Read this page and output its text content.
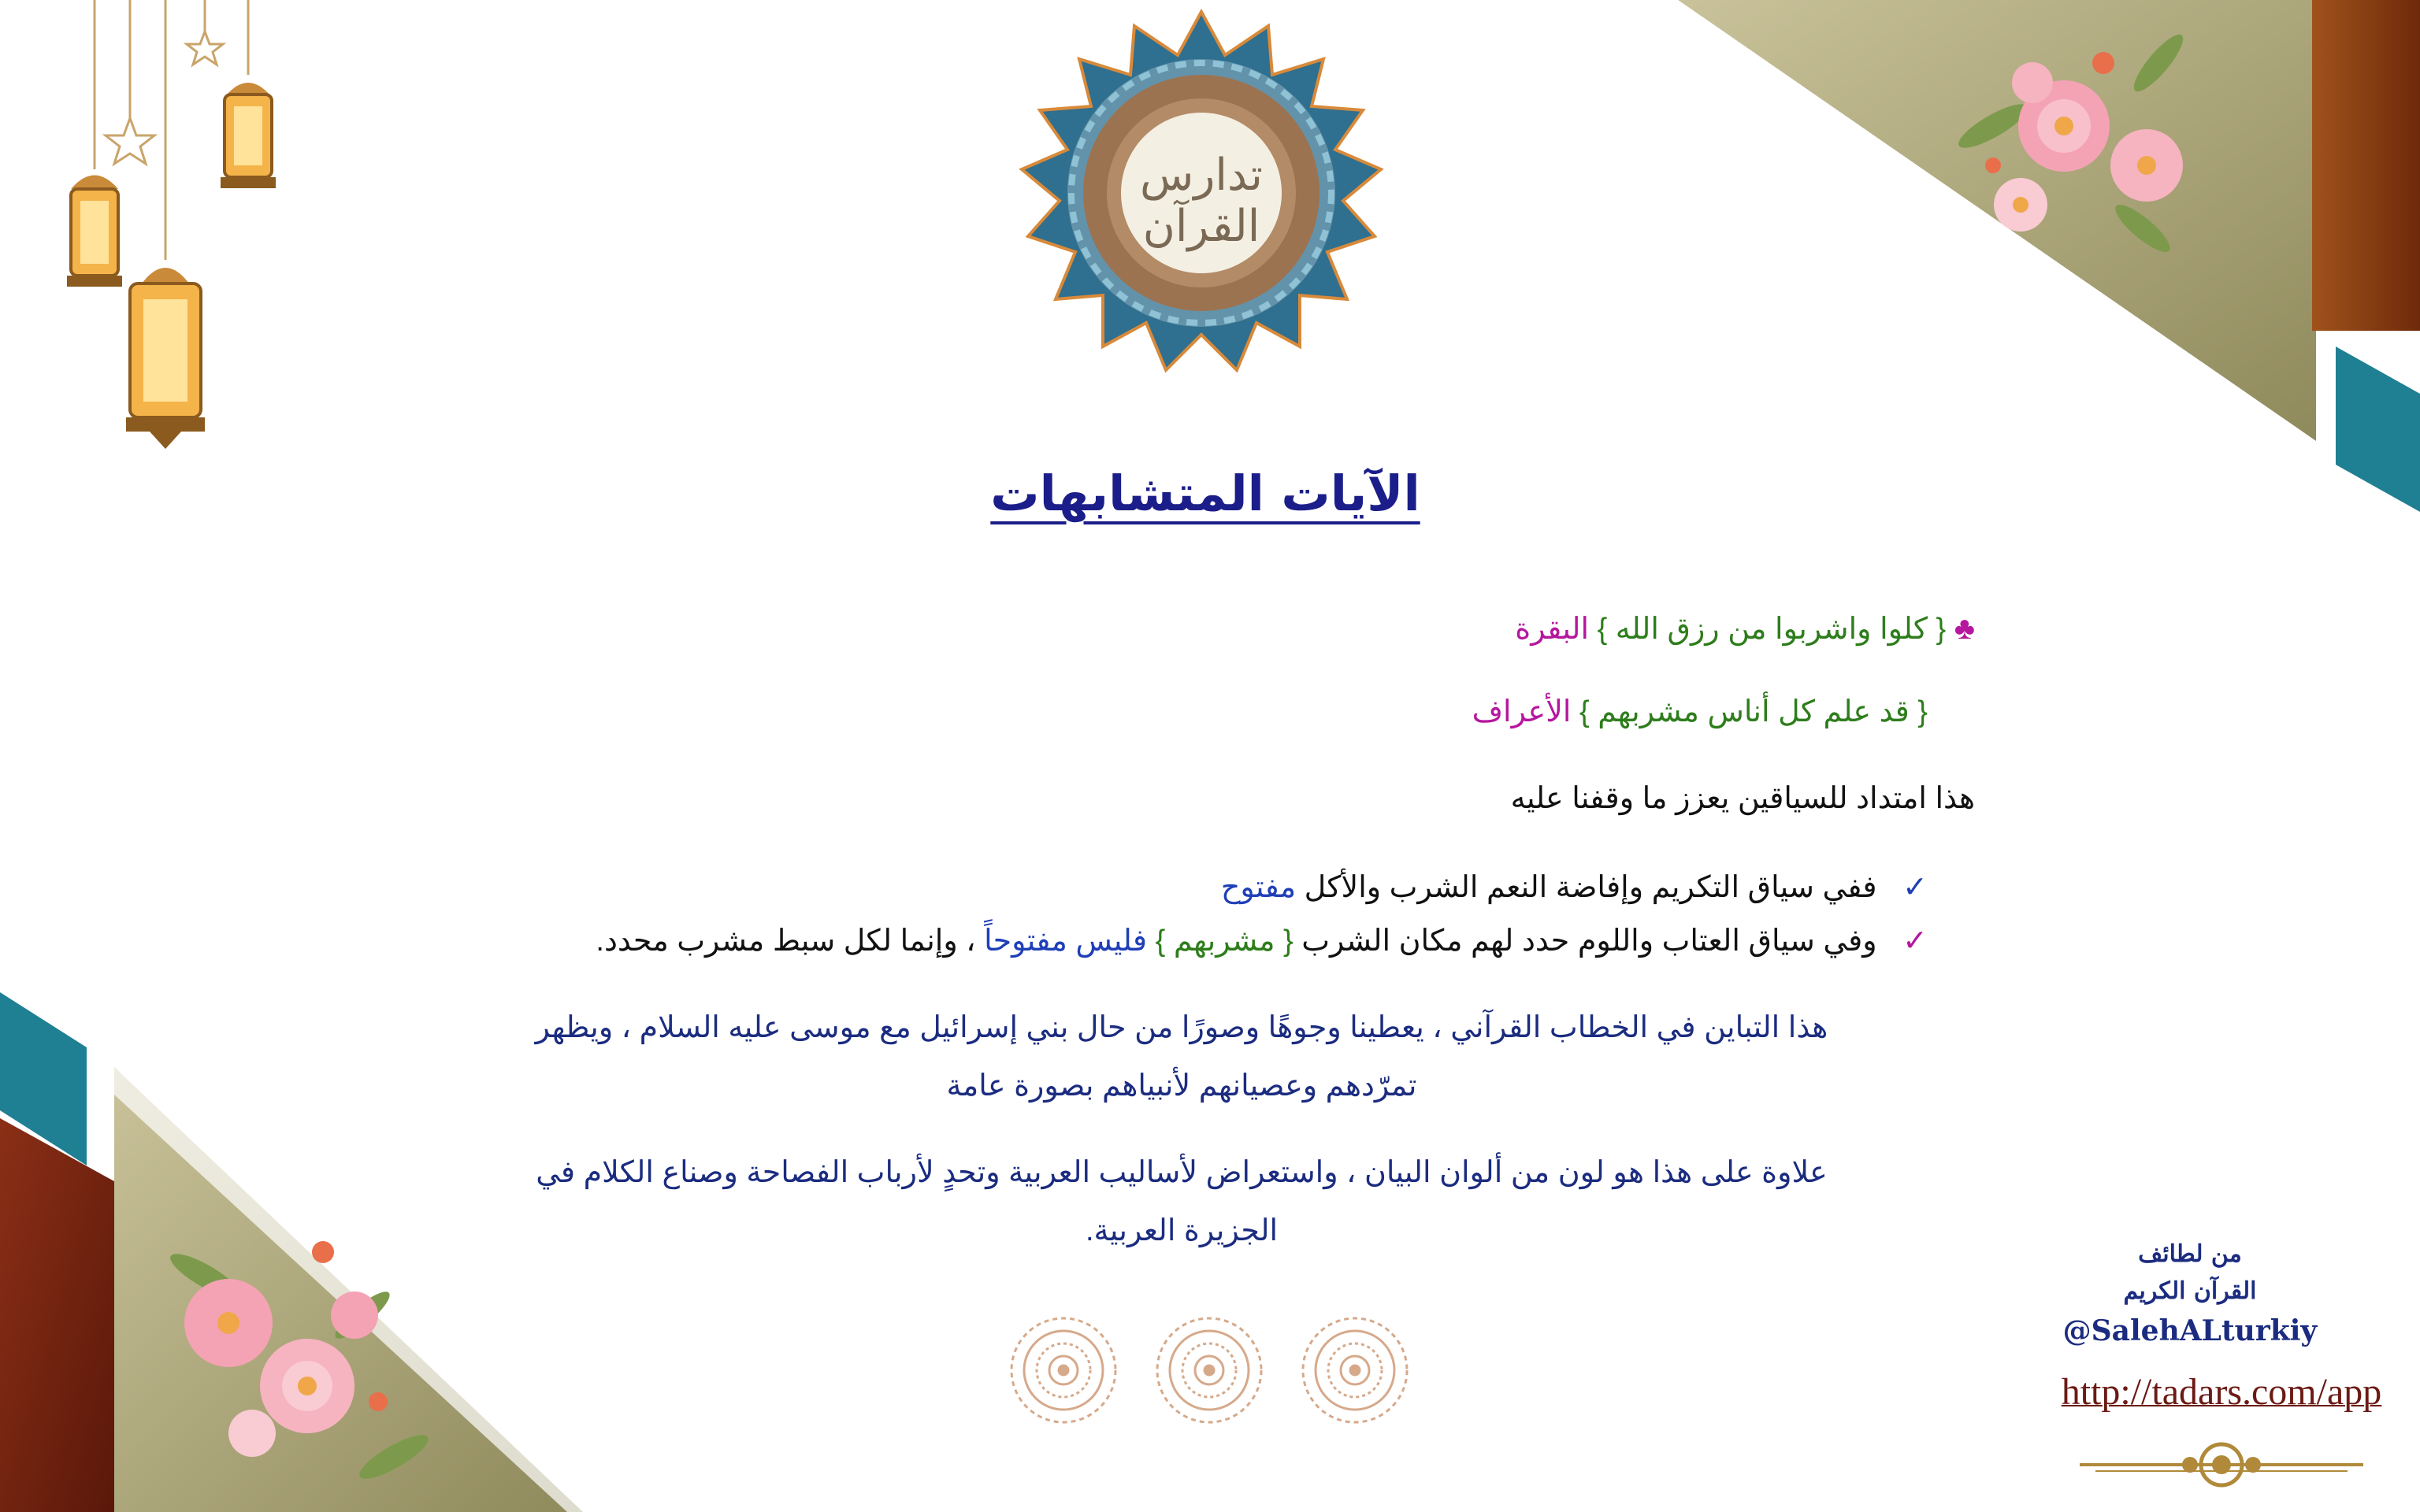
تدارس القرآن
الآيات المتشابهات
♣ { كلوا واشربوا من رزق الله } البقرة
{ قد علم كل أناس مشربهم } الأعراف
هذا امتداد للسياقين يعزز ما وقفنا عليه
✓ ففي سياق التكريم وإفاضة النعم الشرب والأكل مفتوح
✓ وفي سياق العتاب واللوم حدد لهم مكان الشرب { مشربهم } فليس مفتوحاً ، وإنما لكل سبط مشرب محدد.
هذا التباين في الخطاب القرآني ، يعطينا وجوهًا وصورًا من حال بني إسرائيل مع موسى عليه السلام ، ويظهر
تمرّدهم وعصيانهم لأنبياهم بصورة عامة
علاوة على هذا هو لون من ألوان البيان ، واستعراض لأساليب العربية وتحدٍ لأرباب الفصاحة وصناع الكلام في
الجزيرة العربية.
من لطائف
القرآن الكريم
@SalehALturkiy
http://tadars.com/app
